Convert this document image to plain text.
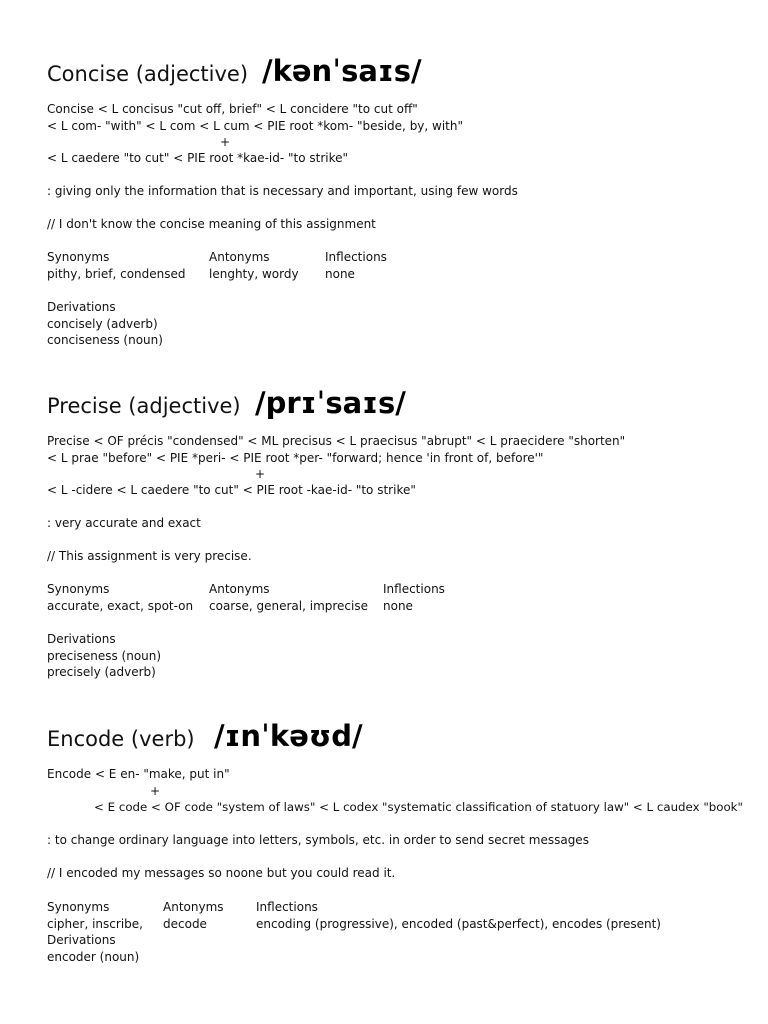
Concise (adjective) /kənˈsaɪs/
Concise < L concisus "cut off, brief" < L concidere "to cut off"
< L com- "with" < L com < L cum < PIE root *kom- "beside, by, with"
+
< L caedere "to cut" < PIE root *kae-id- "to strike"
: giving only the information that is necessary and important, using few words
// I don't know the concise meaning of this assignment
Synonyms
pithy, brief, condensed
Antonyms
lenghty, wordy
Inflections
none
Derivations
concisely (adverb)
conciseness (noun)
Precise (adjective) /prɪˈsaɪs/
Precise < OF précis "condensed" < ML precisus < L praecisus "abrupt" < L praecidere "shorten"
< L prae "before" < PIE *peri- < PIE root *per- "forward; hence 'in front of, before'"
+
< L -cidere < L caedere "to cut" < PIE root -kae-id- "to strike"
: very accurate and exact
// This assignment is very precise.
Synonyms
accurate, exact, spot-on
Antonyms
coarse, general, imprecise
Inflections
none
Derivations
preciseness (noun)
precisely (adverb)
Encode (verb) /ɪnˈkəʊd/
Encode < E en- "make, put in"
+
< E code < OF code "system of laws" < L codex "systematic classification of statuory law" < L caudex "book"
: to change ordinary language into letters, symbols, etc. in order to send secret messages
// I encoded my messages so noone but you could read it.
Synonyms
cipher, inscribe,
Derivations
encoder (noun)
Antonyms
decode
Inflections
encoding (progressive), encoded (past&perfect), encodes (present)
